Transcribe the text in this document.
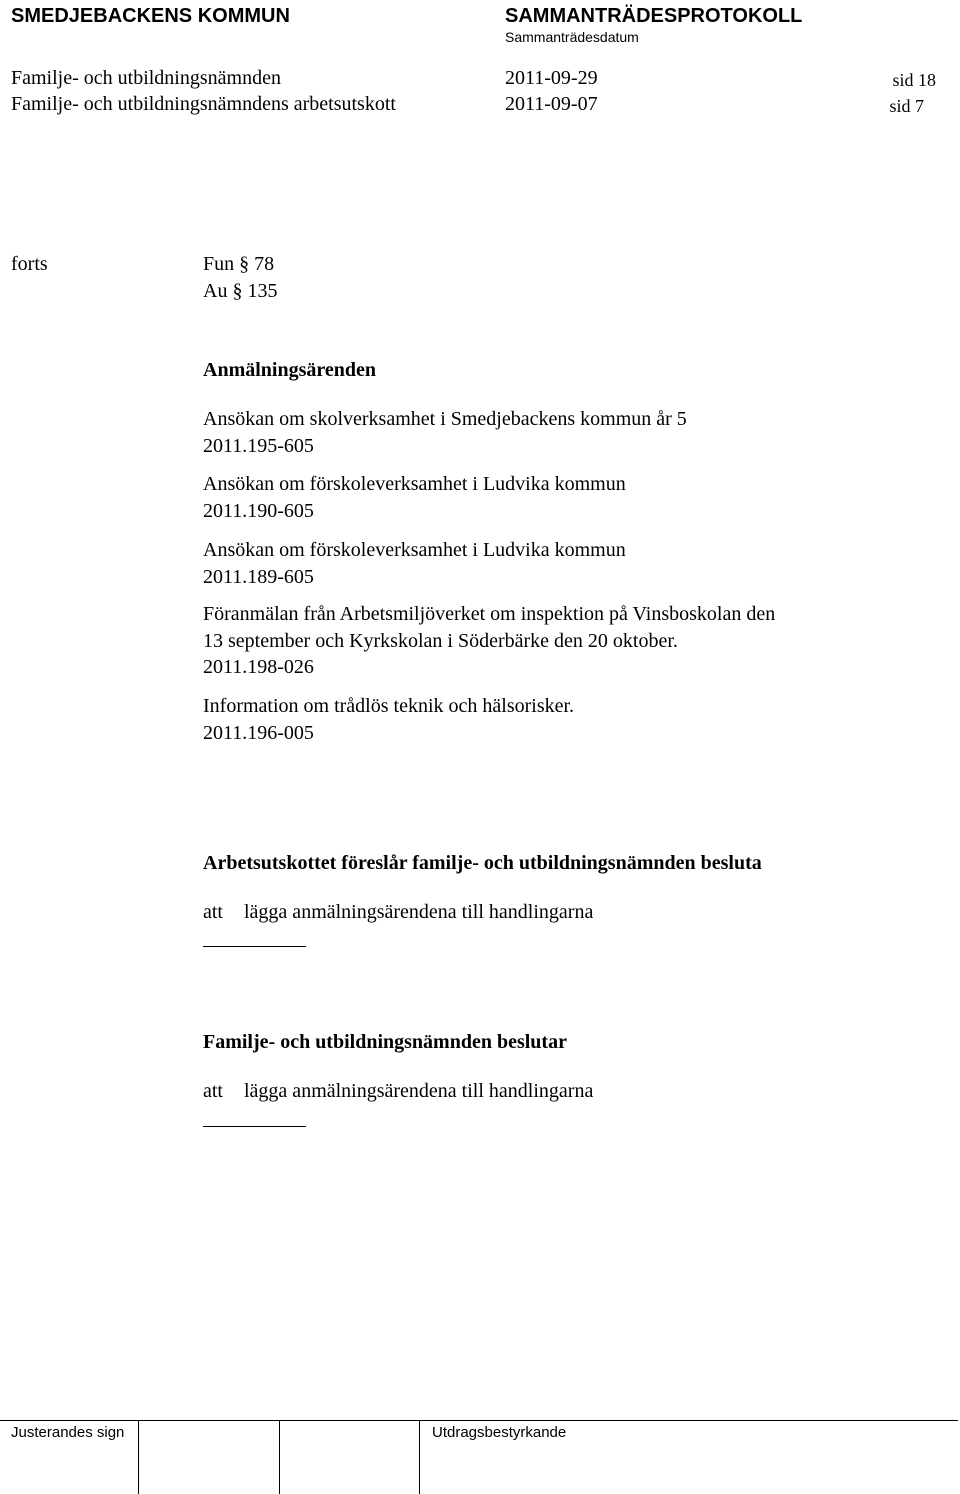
SMEDJEBACKENS KOMMUN	SAMMANTRÄDESPROTOKOLL
Sammanträdesdatum
Familje- och utbildningsnämnden	2011-09-29	sid 18
Familje- och utbildningsnämndens arbetsutskott	2011-09-07	sid 7
forts	Fun § 78
Au § 135
Anmälningsärenden
Ansökan om skolverksamhet i Smedjebackens kommun år 5
2011.195-605
Ansökan om förskoleverksamhet i Ludvika kommun
2011.190-605
Ansökan om förskoleverksamhet i Ludvika kommun
2011.189-605
Föranmälan från Arbetsmiljöverket om inspektion på Vinsboskolan den
13 september och Kyrkskolan i Söderbärke den 20 oktober.
2011.198-026
Information om trådlös teknik och hälsorisker.
2011.196-005
Arbetsutskottet föreslår familje- och utbildningsnämnden besluta
att lägga anmälningsärendena till handlingarna
Familje- och utbildningsnämnden beslutar
att lägga anmälningsärendena till handlingarna
Justerandes sign	Utdragsbestyrkande
